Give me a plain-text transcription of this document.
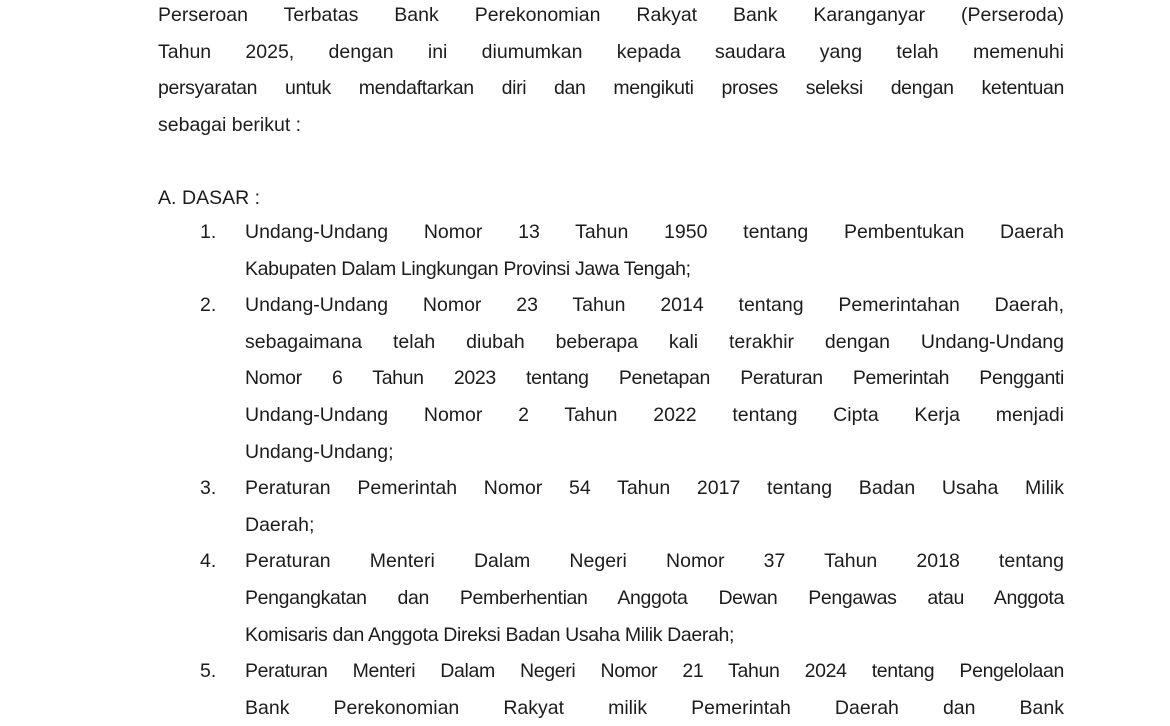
Perseroan Terbatas Bank Perekonomian Rakyat Bank Karanganyar (Perseroda)
Tahun 2025, dengan ini diumumkan kepada saudara yang telah memenuhi
persyaratan untuk mendaftarkan diri dan mengikuti proses seleksi dengan ketentuan
sebagai berikut :
A. DASAR :
1. Undang-Undang Nomor 13 Tahun 1950 tentang Pembentukan Daerah
Kabupaten Dalam Lingkungan Provinsi Jawa Tengah;
2. Undang-Undang Nomor 23 Tahun 2014 tentang Pemerintahan Daerah,
sebagaimana telah diubah beberapa kali terakhir dengan Undang-Undang
Nomor 6 Tahun 2023 tentang Penetapan Peraturan Pemerintah Pengganti
Undang-Undang Nomor 2 Tahun 2022 tentang Cipta Kerja menjadi
Undang-Undang;
3. Peraturan Pemerintah Nomor 54 Tahun 2017 tentang Badan Usaha Milik
Daerah;
4. Peraturan Menteri Dalam Negeri Nomor 37 Tahun 2018 tentang
Pengangkatan dan Pemberhentian Anggota Dewan Pengawas atau Anggota
Komisaris dan Anggota Direksi Badan Usaha Milik Daerah;
5. Peraturan Menteri Dalam Negeri Nomor 21 Tahun 2024 tentang Pengelolaan
Bank Perekonomian Rakyat milik Pemerintah Daerah dan Bank
